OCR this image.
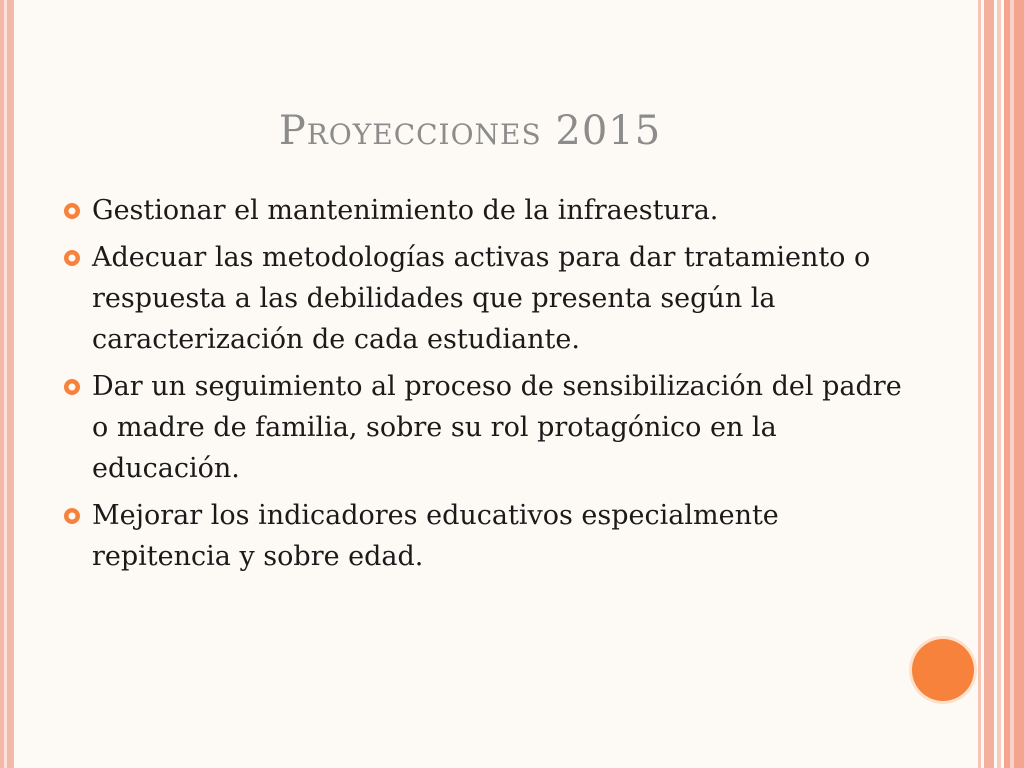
Proyecciones 2015
Gestionar el mantenimiento de la infraestura.
Adecuar las metodologías activas para dar tratamiento o respuesta a las debilidades que presenta según la caracterización de cada estudiante.
Dar un seguimiento al proceso de sensibilización del padre o madre de familia, sobre su rol protagónico en la educación.
Mejorar los indicadores educativos especialmente repitencia y sobre edad.
